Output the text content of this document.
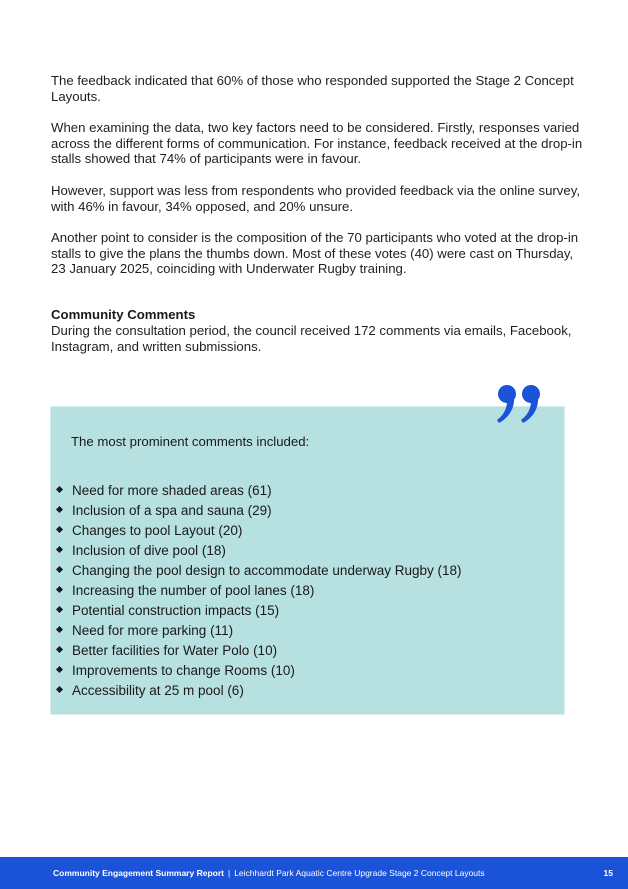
The feedback indicated that 60% of those who responded supported the Stage 2 Concept Layouts.

When examining the data, two key factors need to be considered. Firstly, responses varied across the different forms of communication. For instance, feedback received at the drop-in stalls showed that 74% of participants were in favour.

However, support was less from respondents who provided feedback via the online survey, with 46% in favour, 34% opposed, and 20% unsure.

Another point to consider is the composition of the 70 participants who voted at the drop-in stalls to give the plans the thumbs down. Most of these votes (40) were cast on Thursday, 23 January 2025, coinciding with Underwater Rugby training.

Community Comments

During the consultation period, the council received 172 comments via emails, Facebook, Instagram, and written submissions.

The most prominent comments included:

Need for more shaded areas (61)
Inclusion of a spa and sauna (29)
Changes to pool Layout (20)
Inclusion of dive pool (18)
Changing the pool design to accommodate underway Rugby (18)
Increasing the number of pool lanes (18)
Potential construction impacts (15)
Need for more parking (11)
Better facilities for Water Polo (10)
Improvements to change Rooms (10)
Accessibility at 25 m pool (6)
Community Engagement Summary Report | Leichhardt Park Aquatic Centre Upgrade Stage 2 Concept Layouts	15
